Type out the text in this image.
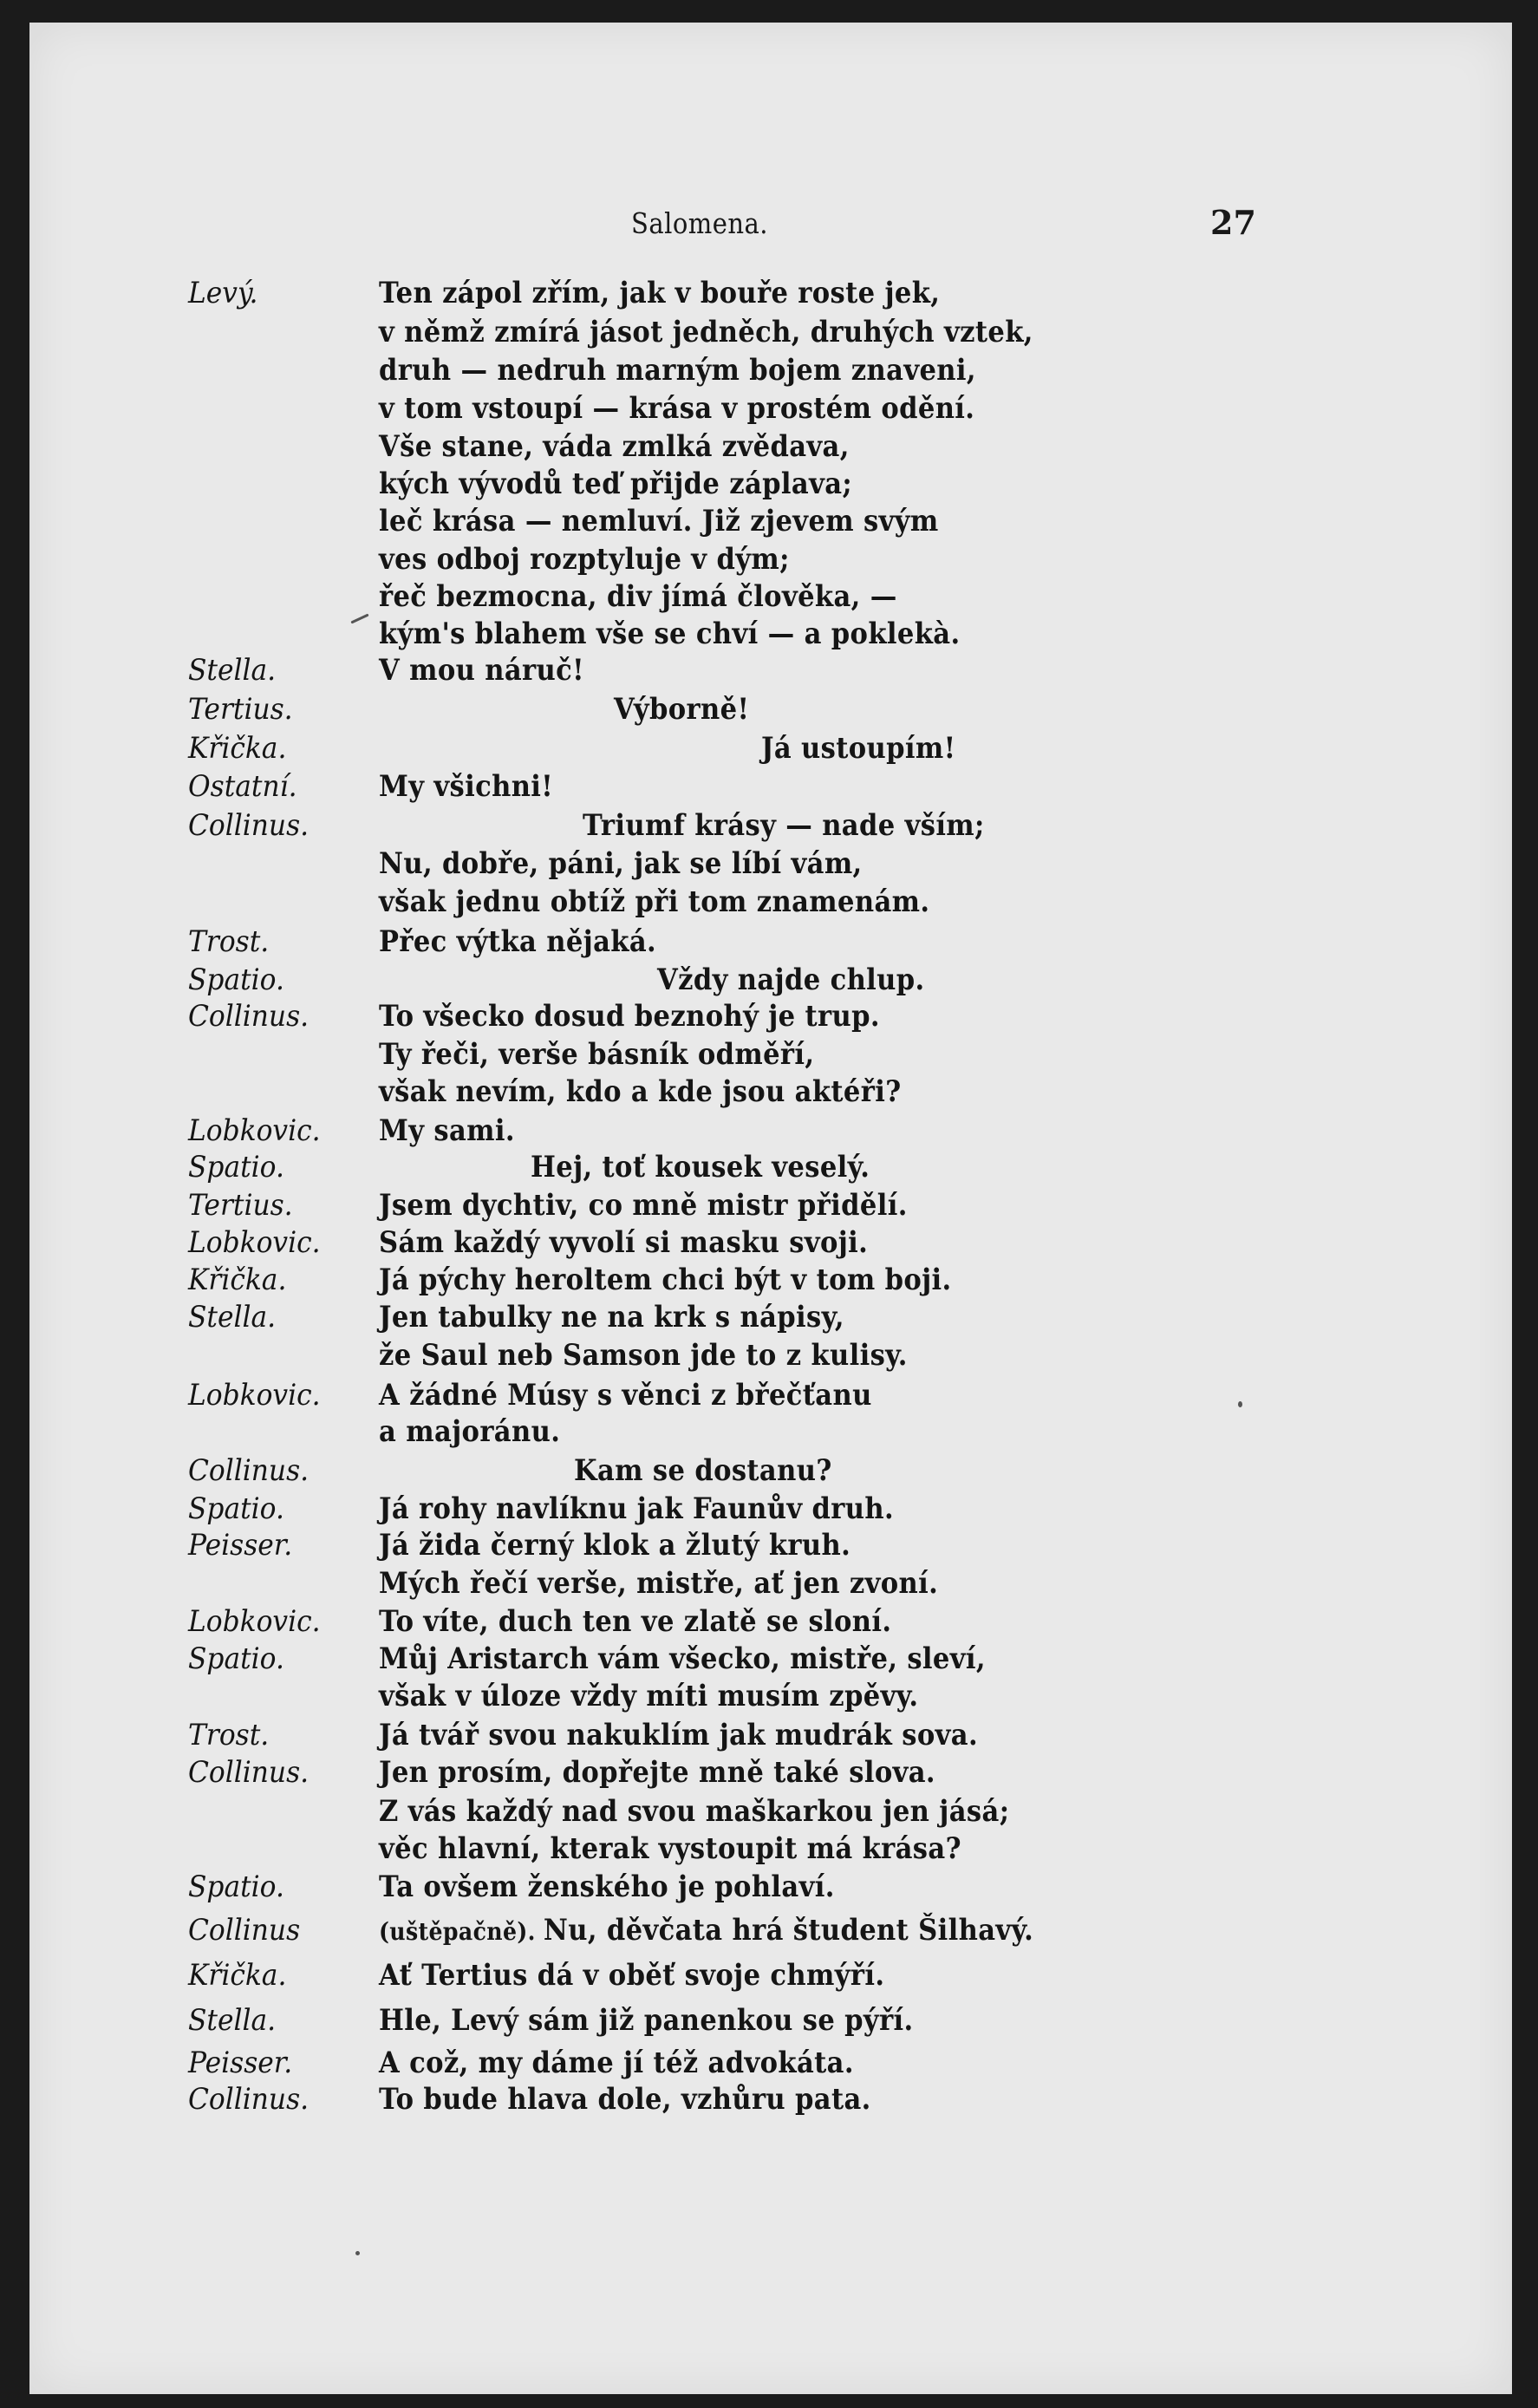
Salomena.	27
Levý.	Ten zápol zřím, jak v bouře roste jek,
v němž zmírá jásot jedněch, druhých vztek,
druh — nedruh marným bojem znaveni,
v tom vstoupí — krása v prostém odění.
Vše stane, váda zmlká zvědava,
kých vývodů teď přijde záplava;
leč krása — nemluví. Již zjevem svým
ves odboj rozptyluje v dým;
řeč bezmocna, div jímá člověka, —
kým's blahem vše se chví — a poklekà.
Stella.	V mou náruč!
Tertius.	Výborně!
Křička.	Já ustoupím!
Ostatní.	My všichni!
Collinus.	Triumf krásy — nade vším;
Nu, dobře, páni, jak se líbí vám,
však jednu obtíž při tom znamenám.
Trost.	Přec výtka nějaká.
Spatio.	Vždy najde chlup.
Collinus. To všecko dosud beznohý je trup.
Ty řeči, verše básník odměří,
však nevím, kdo a kde jsou aktéři?
Lobkovic. My sami.
Spatio.	Hej, toť kousek veselý.
Tertius.	Jsem dychtiv, co mně mistr přidělí.
Lobkovic. Sám každý vyvolí si masku svoji.
Křička.	Já pýchy heroltem chci být v tom boji.
Stella.	Jen tabulky ne na krk s nápisy,
že Saul neb Samson jde to z kulisy.
Lobkovic. A žádné Músy s věnci z břečťanu
a majoránu.
Collinus.	Kam se dostanu?
Spatio.	Já rohy navlíknu jak Faunův druh.
Peisser.	Já žida černý klok a žlutý kruh.
Mých řečí verše, mistře, ať jen zvoní.
Lobkovic. To víte, duch ten ve zlatě se sloní.
Spatio.	Můj Aristarch vám všecko, mistře, sleví,
však v úloze vždy míti musím zpěvy.
Trost.	Já tvář svou nakuklím jak mudrák sova.
Collinus. Jen prosím, dopřejte mně také slova.
Z vás každý nad svou maškarkou jen jásá;
věc hlavní, kterak vystoupit má krása?
Spatio.	Ta ovšem ženského je pohlaví.
Collinus	(uštěpačně). Nu, děvčata hrá študent Šilhavý.
Křička.	Ať Tertius dá v oběť svoje chmýří.
Stella.	Hle, Levý sám již panenkou se pýří.
Peisser.	A což, my dáme jí též advokáta.
Collinus. To bude hlava dole, vzhůru pata.
